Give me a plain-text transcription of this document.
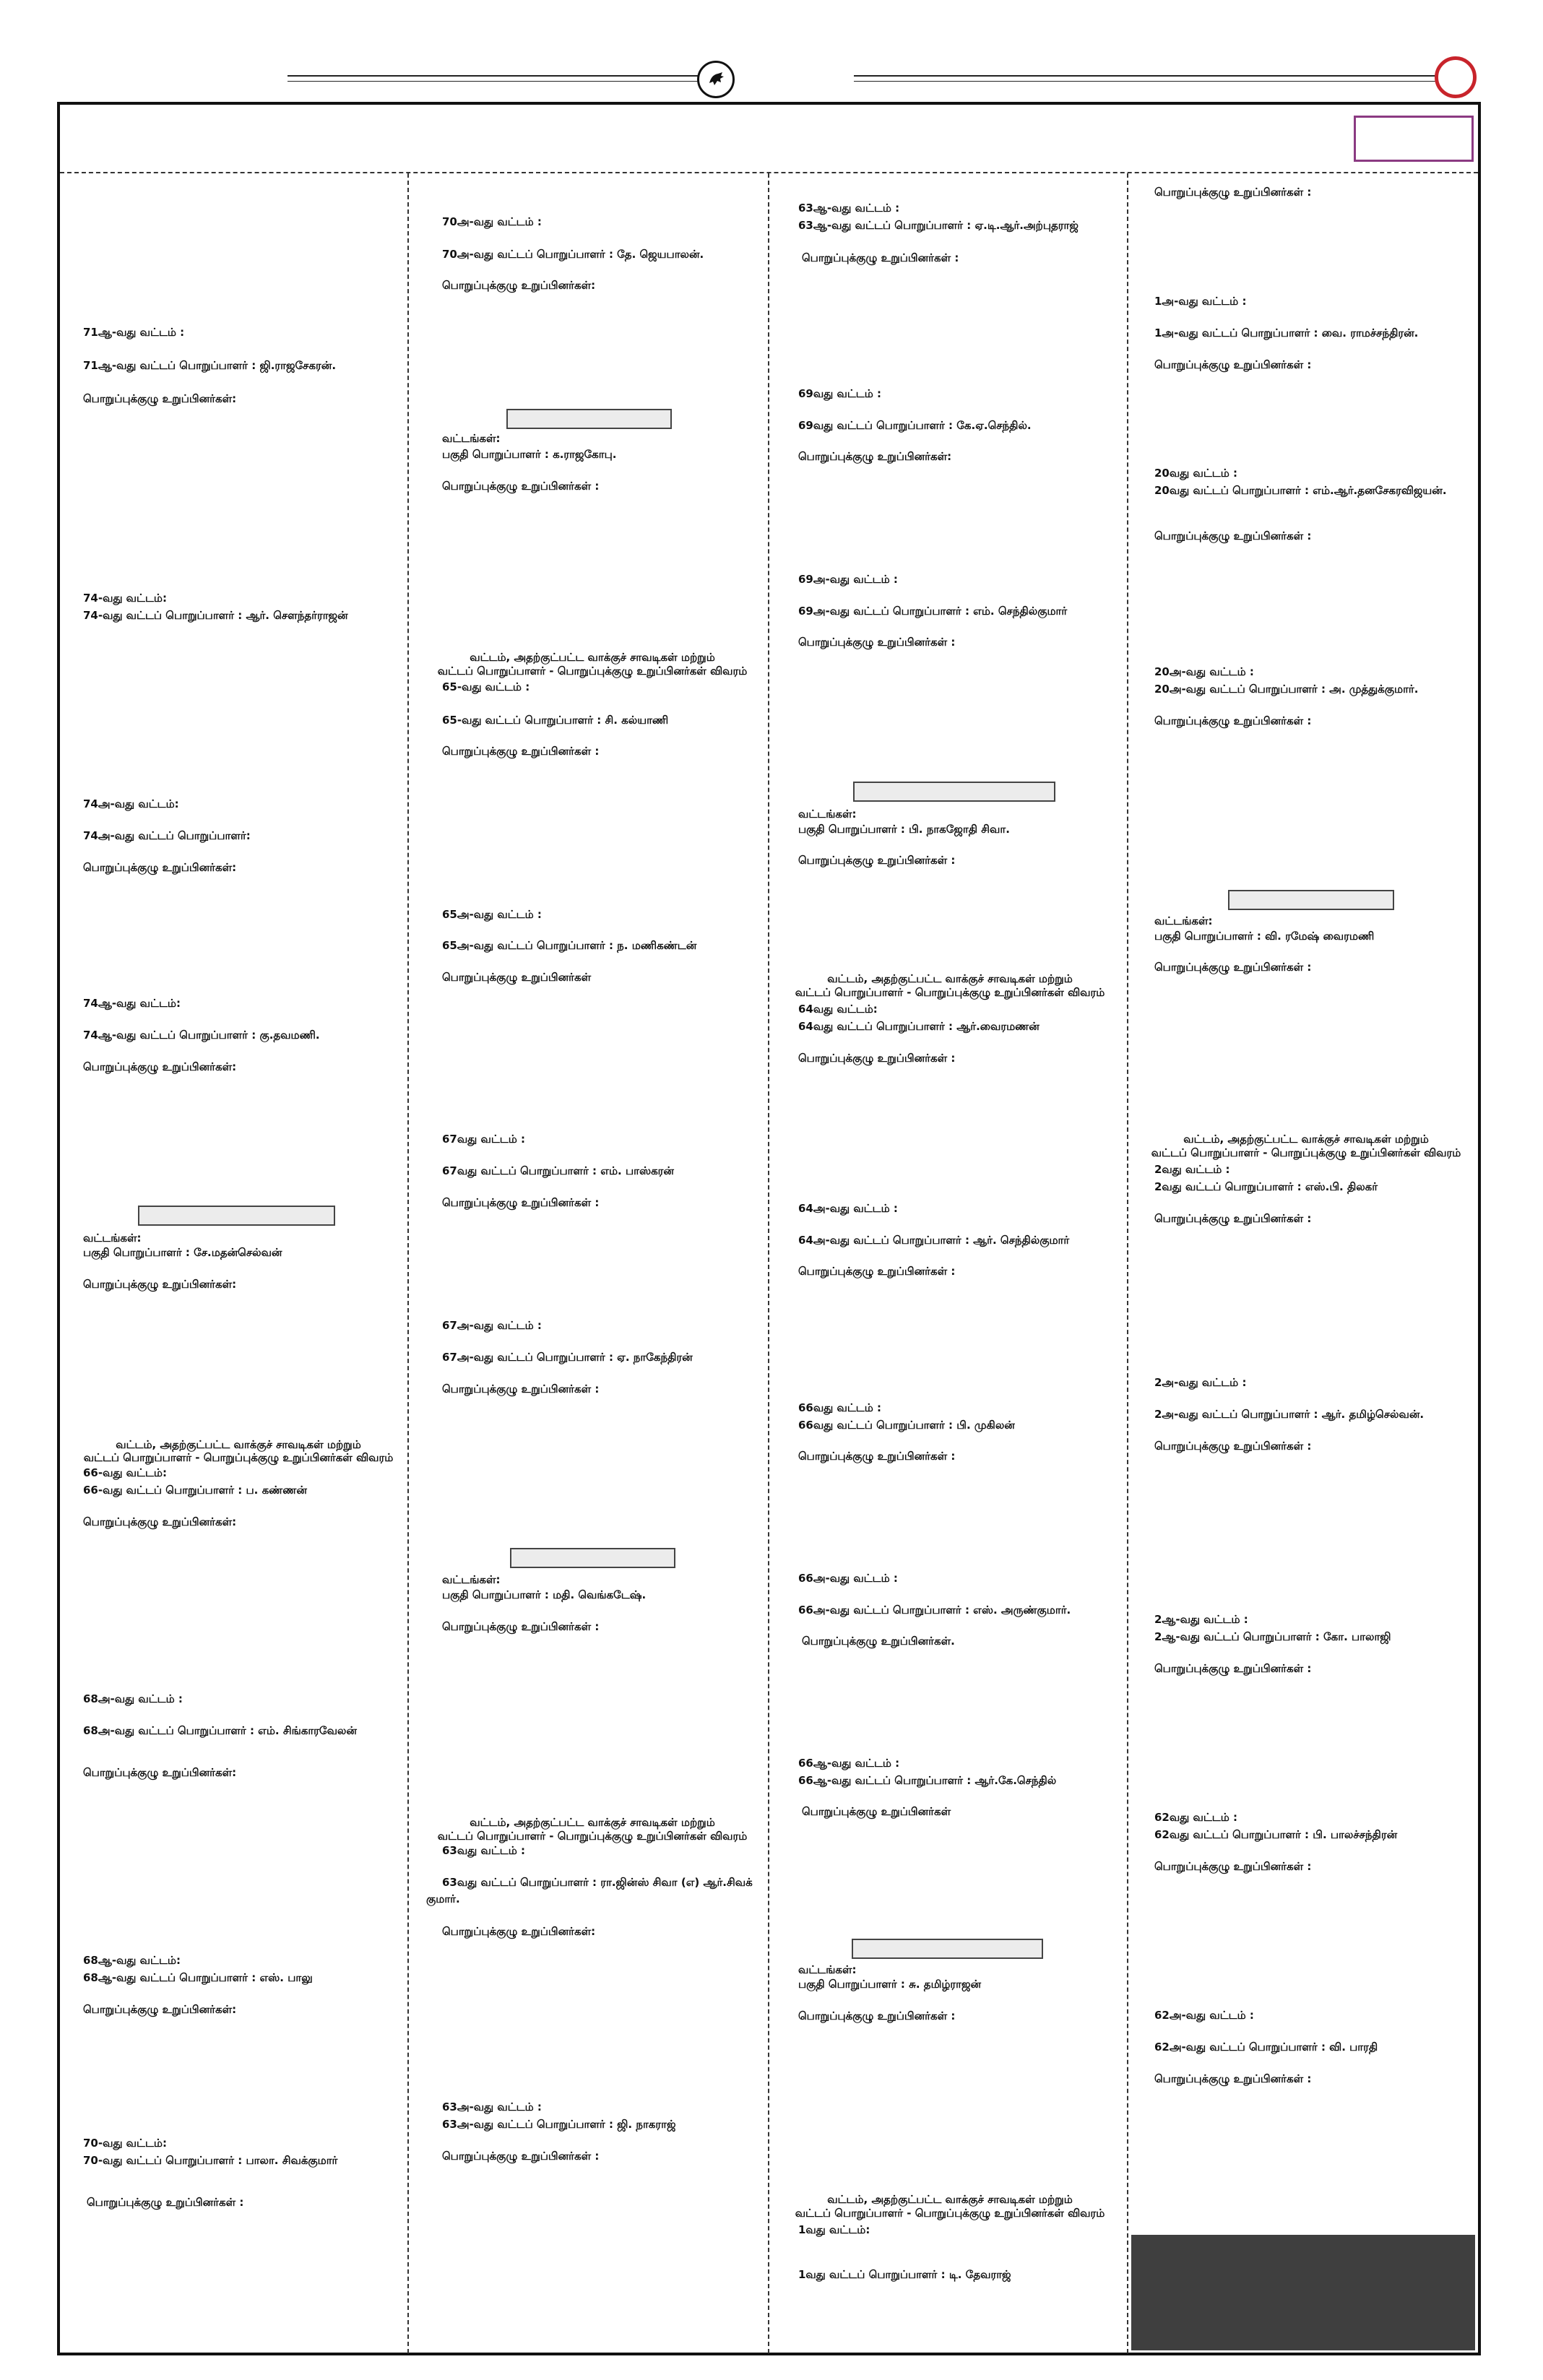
71ஆ-வது வட்டம் :
71ஆ-வது வட்டப் பொறுப்பாளர் : ஜி.ராஜசேகரன்.
பொறுப்புக்குழு உறுப்பினர்கள்:
74-வது வட்டம்:
74-வது வட்டப் பொறுப்பாளர் : ஆர். சௌந்தர்ராஜன்
74அ-வது வட்டம்:
74அ-வது வட்டப் பொறுப்பாளர்:
பொறுப்புக்குழு உறுப்பினர்கள்:
74ஆ-வது வட்டம்:
74ஆ-வது வட்டப் பொறுப்பாளர் : கு.தவமணி.
பொறுப்புக்குழு உறுப்பினர்கள்:
வட்டங்கள்:
பகுதி பொறுப்பாளர் : சே.மதன்செல்வன்
பொறுப்புக்குழு உறுப்பினர்கள்:
வட்டம், அதற்குட்பட்ட வாக்குச் சாவடிகள் மற்றும்
வட்டப் பொறுப்பாளர் - பொறுப்புக்குழு உறுப்பினர்கள் விவரம்
66-வது வட்டம்:
66-வது வட்டப் பொறுப்பாளர் : ப. கண்ணன்
பொறுப்புக்குழு உறுப்பினர்கள்:
68அ-வது வட்டம் :
68அ-வது வட்டப் பொறுப்பாளர் : எம். சிங்காரவேலன்
பொறுப்புக்குழு உறுப்பினர்கள்:
68ஆ-வது வட்டம்:
68ஆ-வது வட்டப் பொறுப்பாளர் : எஸ். பாலு
பொறுப்புக்குழு உறுப்பினர்கள்:
70-வது வட்டம்:
70-வது வட்டப் பொறுப்பாளர் : பாலா. சிவக்குமார்
பொறுப்புக்குழு உறுப்பினர்கள் :
70அ-வது வட்டம் :
70அ-வது வட்டப் பொறுப்பாளர் : தே. ஜெயபாலன்.
பொறுப்புக்குழு உறுப்பினர்கள்:
வட்டங்கள்:
பகுதி பொறுப்பாளர் : க.ராஜகோபு.
பொறுப்புக்குழு உறுப்பினர்கள் :
வட்டம், அதற்குட்பட்ட வாக்குச் சாவடிகள் மற்றும்
வட்டப் பொறுப்பாளர் - பொறுப்புக்குழு உறுப்பினர்கள் விவரம்
65-வது வட்டம் :
65-வது வட்டப் பொறுப்பாளர் : சி. கல்யாணி
பொறுப்புக்குழு உறுப்பினர்கள் :
65அ-வது வட்டம் :
65அ-வது வட்டப் பொறுப்பாளர் : ந. மணிகண்டன்
பொறுப்புக்குழு உறுப்பினர்கள்
67வது வட்டம் :
67வது வட்டப் பொறுப்பாளர் : எம். பாஸ்கரன்
பொறுப்புக்குழு உறுப்பினர்கள் :
67அ-வது வட்டம் :
67அ-வது வட்டப் பொறுப்பாளர் : ஏ. நாகேந்திரன்
பொறுப்புக்குழு உறுப்பினர்கள் :
வட்டங்கள்:
பகுதி பொறுப்பாளர் : மதி. வெங்கடேஷ்.
பொறுப்புக்குழு உறுப்பினர்கள் :
வட்டம், அதற்குட்பட்ட வாக்குச் சாவடிகள் மற்றும்
வட்டப் பொறுப்பாளர் - பொறுப்புக்குழு உறுப்பினர்கள் விவரம்
63வது வட்டம் :
63வது வட்டப் பொறுப்பாளர் : ரா.ஜின்ஸ் சிவா (எ) ஆர்.சிவக்
குமார்.
பொறுப்புக்குழு உறுப்பினர்கள்:
63அ-வது வட்டம் :
63அ-வது வட்டப் பொறுப்பாளர் : ஜி. நாகராஜ்
பொறுப்புக்குழு உறுப்பினர்கள் :
63ஆ-வது வட்டம் :
63ஆ-வது வட்டப் பொறுப்பாளர் : ஏ.டி.ஆர்.அற்புதராஜ்
பொறுப்புக்குழு உறுப்பினர்கள் :
69வது வட்டம் :
69வது வட்டப் பொறுப்பாளர் : கே.ஏ.செந்தில்.
பொறுப்புக்குழு உறுப்பினர்கள்:
69அ-வது வட்டம் :
69அ-வது வட்டப் பொறுப்பாளர் : எம். செந்தில்குமார்
பொறுப்புக்குழு உறுப்பினர்கள் :
வட்டங்கள்:
பகுதி பொறுப்பாளர் : பி. நாகஜோதி சிவா.
பொறுப்புக்குழு உறுப்பினர்கள் :
வட்டம், அதற்குட்பட்ட வாக்குச் சாவடிகள் மற்றும்
வட்டப் பொறுப்பாளர் - பொறுப்புக்குழு உறுப்பினர்கள் விவரம்
64வது வட்டம்:
64வது வட்டப் பொறுப்பாளர் : ஆர்.வைரமணன்
பொறுப்புக்குழு உறுப்பினர்கள் :
64அ-வது வட்டம் :
64அ-வது வட்டப் பொறுப்பாளர் : ஆர். செந்தில்குமார்
பொறுப்புக்குழு உறுப்பினர்கள் :
66வது வட்டம் :
66வது வட்டப் பொறுப்பாளர் : பி. முகிலன்
பொறுப்புக்குழு உறுப்பினர்கள் :
66அ-வது வட்டம் :
66அ-வது வட்டப் பொறுப்பாளர் : எஸ். அருண்குமார்.
பொறுப்புக்குழு உறுப்பினர்கள்.
66ஆ-வது வட்டம் :
66ஆ-வது வட்டப் பொறுப்பாளர் : ஆர்.கே.செந்தில்
பொறுப்புக்குழு உறுப்பினர்கள்
வட்டங்கள்:
பகுதி பொறுப்பாளர் : சு. தமிழ்ராஜன்
பொறுப்புக்குழு உறுப்பினர்கள் :
வட்டம், அதற்குட்பட்ட வாக்குச் சாவடிகள் மற்றும்
வட்டப் பொறுப்பாளர் - பொறுப்புக்குழு உறுப்பினர்கள் விவரம்
1வது வட்டம்:
1வது வட்டப் பொறுப்பாளர் : டி. தேவராஜ்
பொறுப்புக்குழு உறுப்பினர்கள் :
1அ-வது வட்டம் :
1அ-வது வட்டப் பொறுப்பாளர் : வை. ராமச்சந்திரன்.
பொறுப்புக்குழு உறுப்பினர்கள் :
20வது வட்டம் :
20வது வட்டப் பொறுப்பாளர் : எம்.ஆர்.தனசேகரவிஜயன்.
பொறுப்புக்குழு உறுப்பினர்கள் :
20அ-வது வட்டம் :
20அ-வது வட்டப் பொறுப்பாளர் : அ. முத்துக்குமார்.
பொறுப்புக்குழு உறுப்பினர்கள் :
வட்டங்கள்:
பகுதி பொறுப்பாளர் : வி. ரமேஷ் வைரமணி
பொறுப்புக்குழு உறுப்பினர்கள் :
வட்டம், அதற்குட்பட்ட வாக்குச் சாவடிகள் மற்றும்
வட்டப் பொறுப்பாளர் - பொறுப்புக்குழு உறுப்பினர்கள் விவரம்
2வது வட்டம் :
2வது வட்டப் பொறுப்பாளர் : எஸ்.பி. திலகர்
பொறுப்புக்குழு உறுப்பினர்கள் :
2அ-வது வட்டம் :
2அ-வது வட்டப் பொறுப்பாளர் : ஆர். தமிழ்செல்வன்.
பொறுப்புக்குழு உறுப்பினர்கள் :
2ஆ-வது வட்டம் :
2ஆ-வது வட்டப் பொறுப்பாளர் : கோ. பாலாஜி
பொறுப்புக்குழு உறுப்பினர்கள் :
62வது வட்டம் :
62வது வட்டப் பொறுப்பாளர் : பி. பாலச்சந்திரன்
பொறுப்புக்குழு உறுப்பினர்கள் :
62அ-வது வட்டம் :
62அ-வது வட்டப் பொறுப்பாளர் : வி. பாரதி
பொறுப்புக்குழு உறுப்பினர்கள் :
